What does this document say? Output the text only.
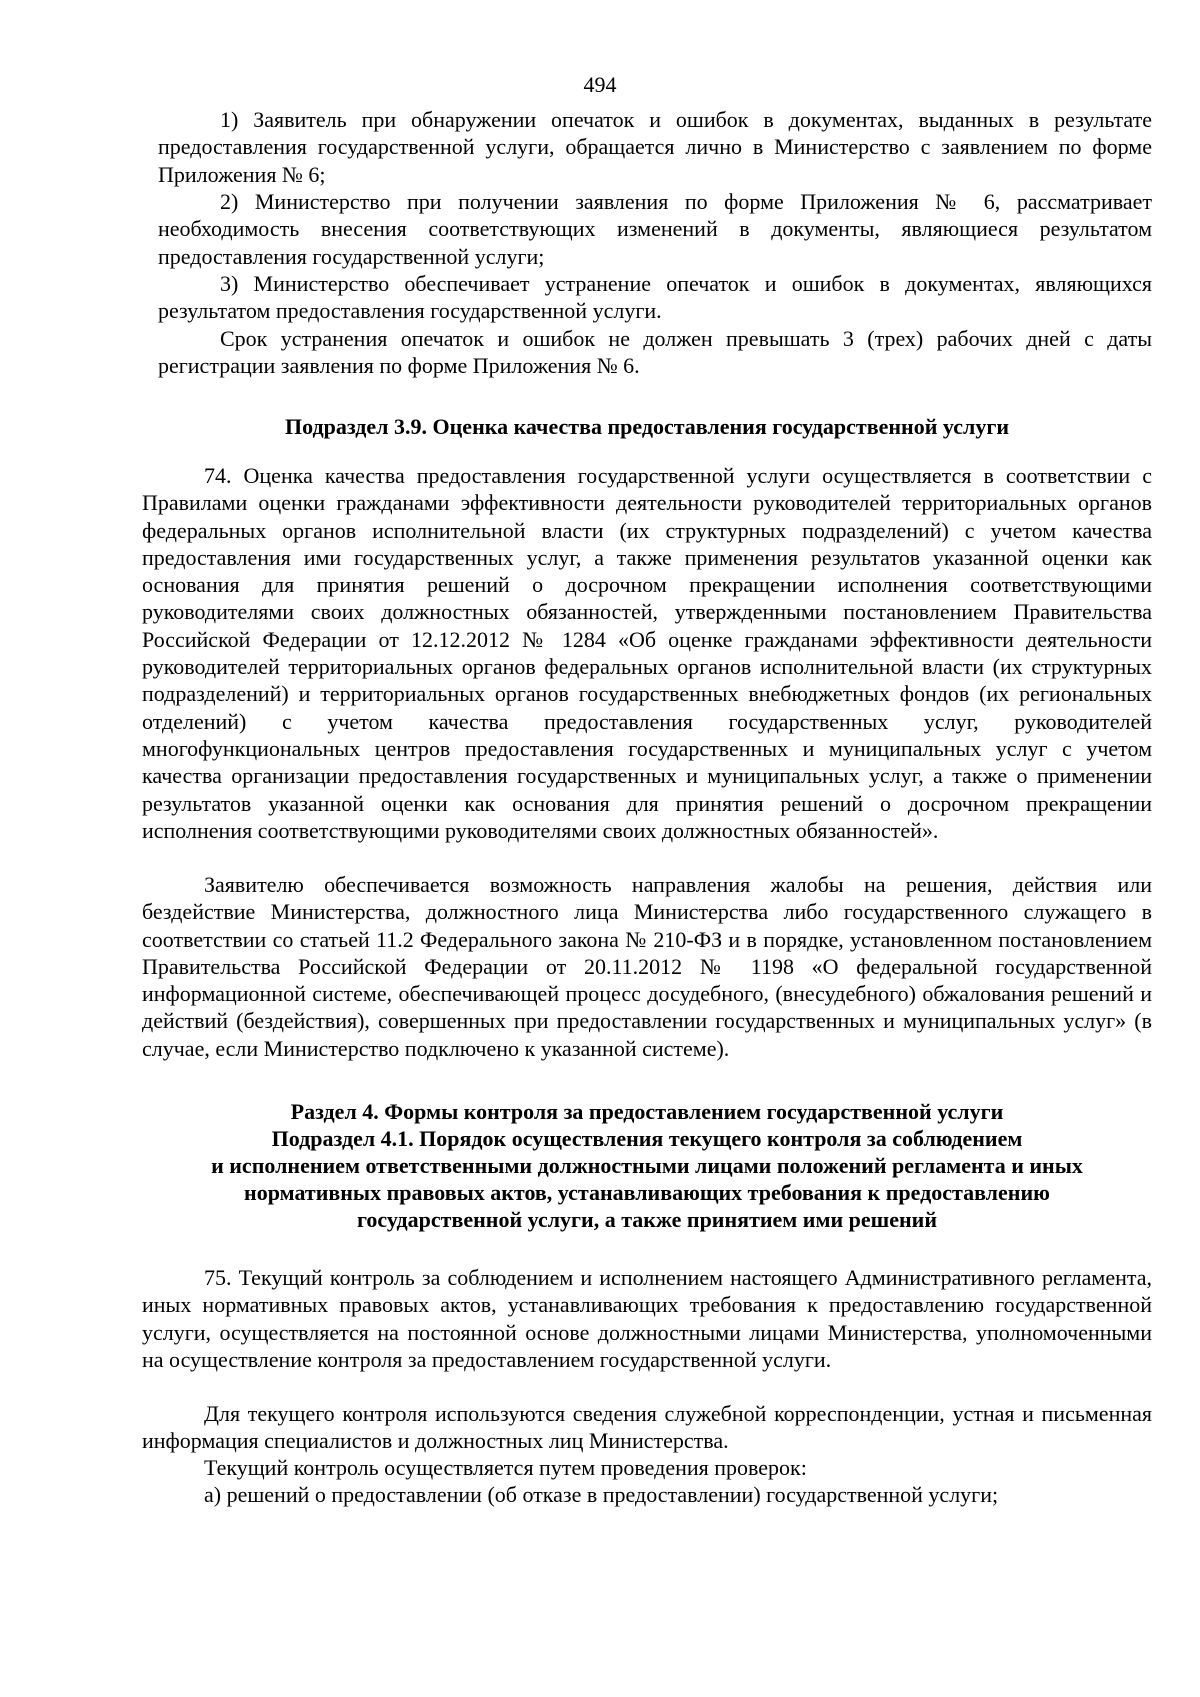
494

1) Заявитель при обнаружении опечаток и ошибок в документах, выданных в результате предоставления государственной услуги, обращается лично в Министерство с заявлением по форме Приложения № 6;

2) Министерство при получении заявления по форме Приложения № 6, рассматривает необходимость внесения соответствующих изменений в документы, являющиеся результатом предоставления государственной услуги;

3) Министерство обеспечивает устранение опечаток и ошибок в документах, являющихся результатом предоставления государственной услуги.

Срок устранения опечаток и ошибок не должен превышать 3 (трех) рабочих дней с даты регистрации заявления по форме Приложения № 6.

Подраздел 3.9. Оценка качества предоставления государственной услуги

74. Оценка качества предоставления государственной услуги осуществляется в соответствии с Правилами оценки гражданами эффективности деятельности руководителей территориальных органов федеральных органов исполнительной власти (их структурных подразделений) с учетом качества предоставления ими государственных услуг, а также применения результатов указанной оценки как основания для принятия решений о досрочном прекращении исполнения соответствующими руководителями своих должностных обязанностей, утвержденными постановлением Правительства Российской Федерации от 12.12.2012 № 1284 «Об оценке гражданами эффективности деятельности руководителей территориальных органов федеральных органов исполнительной власти (их структурных подразделений) и территориальных органов государственных внебюджетных фондов (их региональных отделений) с учетом качества предоставления государственных услуг, руководителей многофункциональных центров предоставления государственных и муниципальных услуг с учетом качества организации предоставления государственных и муниципальных услуг, а также о применении результатов указанной оценки как основания для принятия решений о досрочном прекращении исполнения соответствующими руководителями своих должностных обязанностей».

Заявителю обеспечивается возможность направления жалобы на решения, действия или бездействие Министерства, должностного лица Министерства либо государственного служащего в соответствии со статьей 11.2 Федерального закона № 210-ФЗ и в порядке, установленном постановлением Правительства Российской Федерации от 20.11.2012 № 1198 «О федеральной государственной информационной системе, обеспечивающей процесс досудебного, (внесудебного) обжалования решений и действий (бездействия), совершенных при предоставлении государственных и муниципальных услуг» (в случае, если Министерство подключено к указанной системе).

Раздел 4. Формы контроля за предоставлением государственной услуги
Подраздел 4.1. Порядок осуществления текущего контроля за соблюдением
и исполнением ответственными должностными лицами положений регламента и иных
нормативных правовых актов, устанавливающих требования к предоставлению
государственной услуги, а также принятием ими решений

75. Текущий контроль за соблюдением и исполнением настоящего Административного регламента, иных нормативных правовых актов, устанавливающих требования к предоставлению государственной услуги, осуществляется на постоянной основе должностными лицами Министерства, уполномоченными на осуществление контроля за предоставлением государственной услуги.

Для текущего контроля используются сведения служебной корреспонденции, устная и письменная информация специалистов и должностных лиц Министерства.

Текущий контроль осуществляется путем проведения проверок:

а) решений о предоставлении (об отказе в предоставлении) государственной услуги;
